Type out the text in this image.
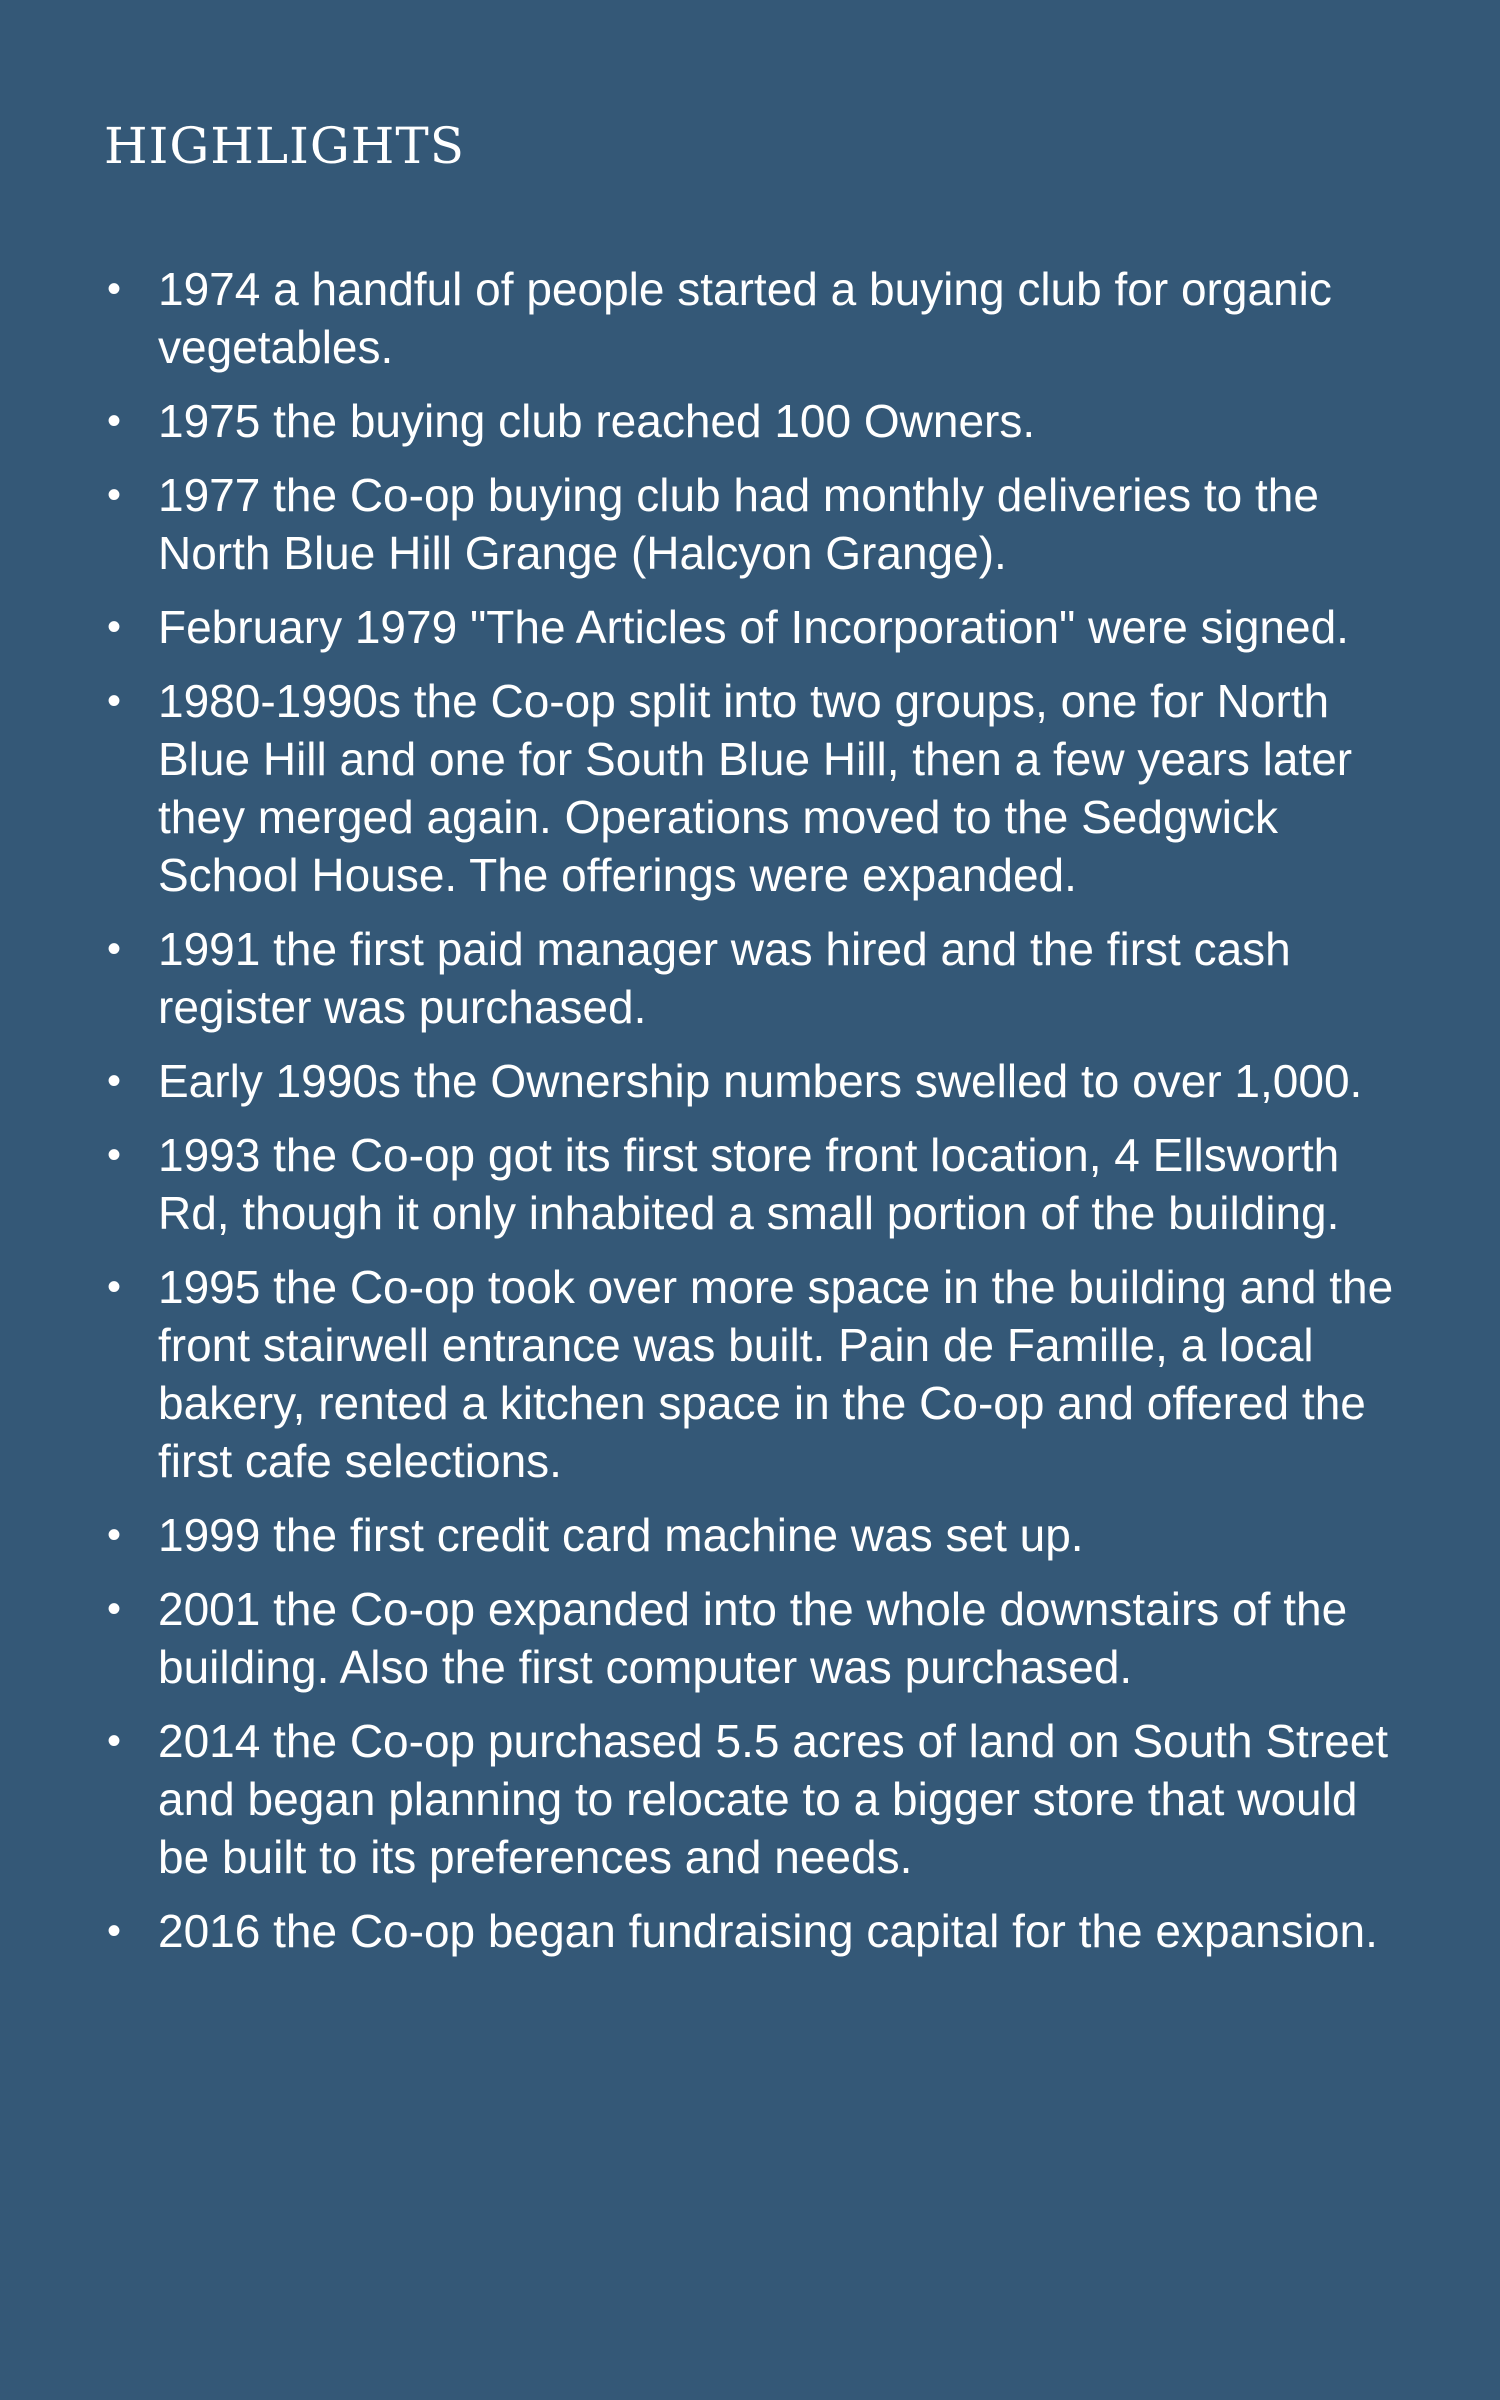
HIGHLIGHTS
• 1974 a handful of people started a buying club for organic vegetables.
• 1975 the buying club reached 100 Owners.
• 1977 the Co-op buying club had monthly deliveries to the North Blue Hill Grange (Halcyon Grange).
• February 1979 "The Articles of Incorporation" were signed.
• 1980-1990s the Co-op split into two groups, one for North Blue Hill and one for South Blue Hill, then a few years later they merged again. Operations moved to the Sedgwick School House. The offerings were expanded.
• 1991 the first paid manager was hired and the first cash register was purchased.
• Early 1990s the Ownership numbers swelled to over 1,000.
• 1993 the Co-op got its first store front location, 4 Ellsworth Rd, though it only inhabited a small portion of the building.
• 1995 the Co-op took over more space in the building and the front stairwell entrance was built. Pain de Famille, a local bakery, rented a kitchen space in the Co-op and offered the first cafe selections.
• 1999 the first credit card machine was set up.
• 2001 the Co-op expanded into the whole downstairs of the building. Also the first computer was purchased.
• 2014 the Co-op purchased 5.5 acres of land on South Street and began planning to relocate to a bigger store that would be built to its preferences and needs.
• 2016 the Co-op began fundraising capital for the expansion.
